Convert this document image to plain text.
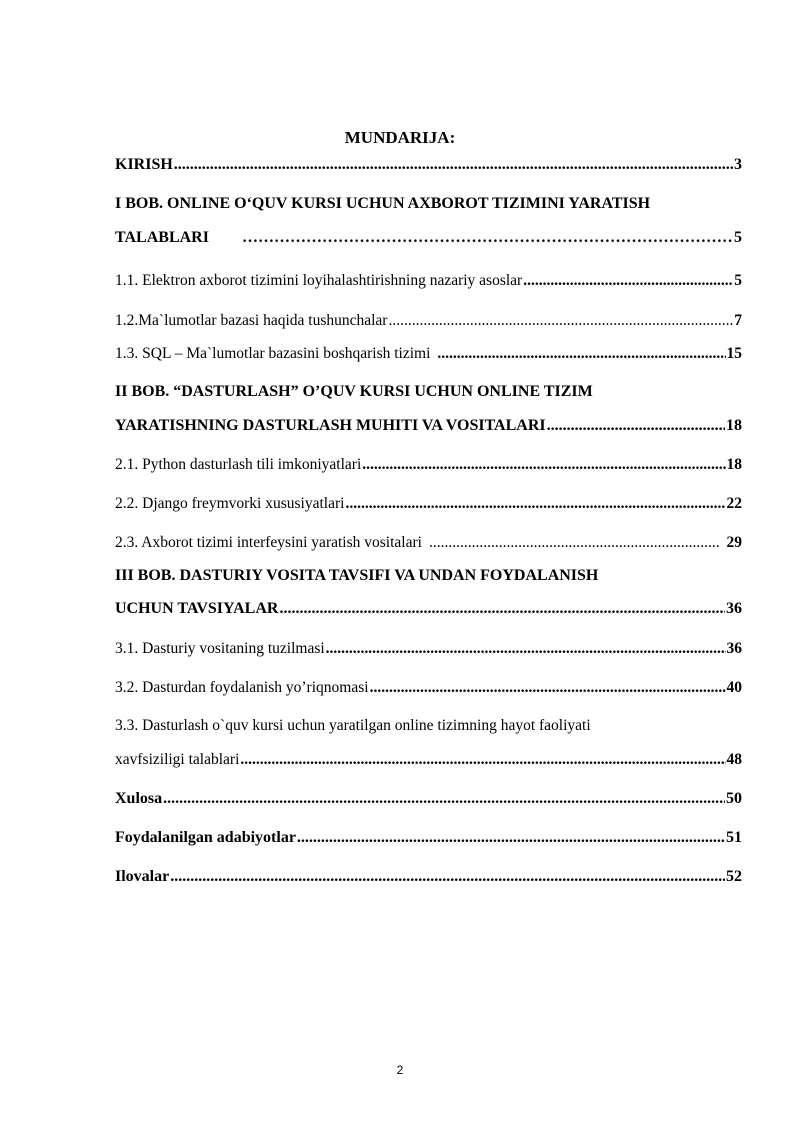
MUNDARIJA:
KIRISH .....	3
I BOB. ONLINE O‘QUV KURSI UCHUN AXBOROT TIZIMINI YARATISH
TALABLARI …………………………………………………………………………………………………………………………………………	5
1.1. Elektron axborot tizimini loyihalashtirishning nazariy asoslar .....	5
1.2.Ma`lumotlar bazasi haqida tushunchalar .....	7
1.3. SQL – Ma`lumotlar bazasini boshqarish tizimi .....	15
II BOB. “DASTURLASH” O’QUV KURSI UCHUN ONLINE TIZIM
YARATISHNING DASTURLASH MUHITI VA VOSITALARI .....	18
2.1. Python dasturlash tili imkoniyatlari .....	18
2.2. Django freymvorki xususiyatlari .....	22
2.3. Axborot tizimi interfeysini yaratish vositalari .....	29
III BOB. DASTURIY VOSITA TAVSIFI VA UNDAN FOYDALANISH
UCHUN TAVSIYALAR .....	36
3.1. Dasturiy vositaning tuzilmasi .....	36
3.2. Dasturdan foydalanish yo’riqnomasi .....	40
3.3. Dasturlash o`quv kursi uchun yaratilgan online tizimning hayot faoliyati
xavfsiziligi talablari .....	48
Xulosa .....	50
Foydalanilgan adabiyotlar .....	51
Ilovalar .....	52
2
